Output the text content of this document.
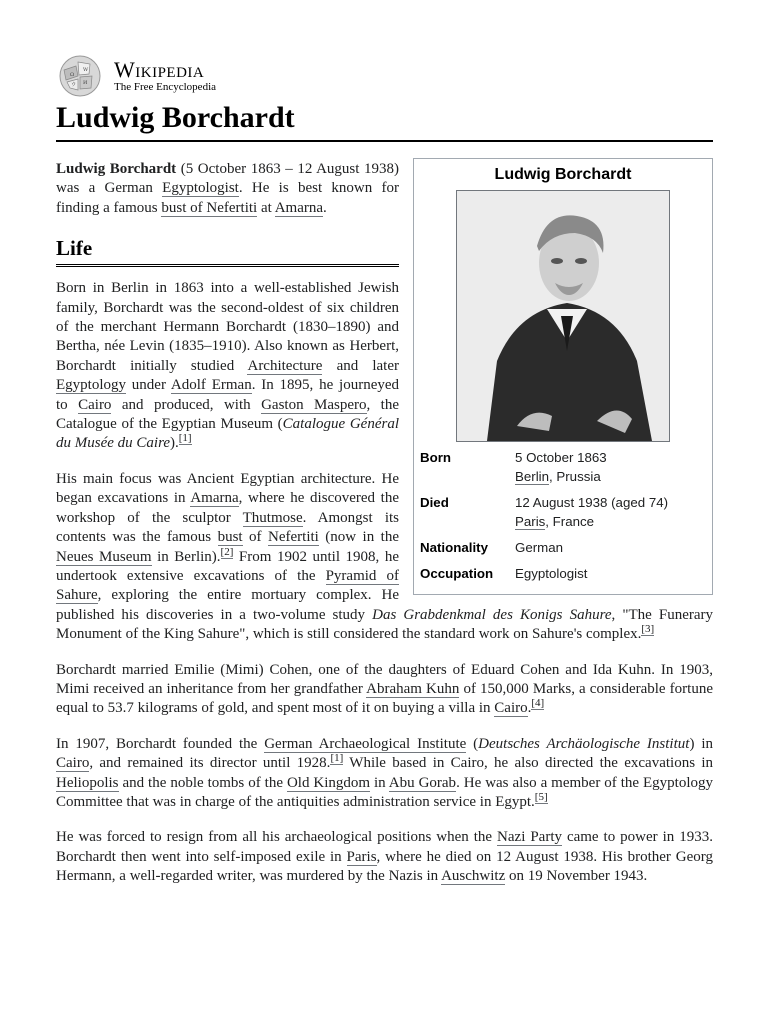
Ω
W
И
ウ
Wikipedia
The Free Encyclopedia
Ludwig Borchardt
Ludwig Borchardt
Born	5 October 1863
Berlin, Prussia
Died	12 August 1938 (aged 74)
Paris, France
Nationality	German
Occupation	Egyptologist

Ludwig Borchardt (5 October 1863 – 12 August 1938) was a German Egyptologist. He is best known for finding a famous bust of Nefertiti at Amarna.

Life

Born in Berlin in 1863 into a well-established Jewish family, Borchardt was the second-oldest of six children of the merchant Hermann Borchardt (1830–1890) and Bertha, née Levin (1835–1910). Also known as Herbert, Borchardt initially studied Architecture and later Egyptology under Adolf Erman. In 1895, he journeyed to Cairo and produced, with Gaston Maspero, the Catalogue of the Egyptian Museum (Catalogue Général du Musée du Caire).[1]

His main focus was Ancient Egyptian architecture. He began excavations in Amarna, where he discovered the workshop of the sculptor Thutmose. Amongst its contents was the famous bust of Nefertiti (now in the Neues Museum in Berlin).[2] From 1902 until 1908, he undertook extensive excavations of the Pyramid of Sahure, exploring the entire mortuary complex. He published his discoveries in a two-volume study Das Grabdenkmal des Konigs Sahure, "The Funerary Monument of the King Sahure", which is still considered the standard work on Sahure's complex.[3]

Borchardt married Emilie (Mimi) Cohen, one of the daughters of Eduard Cohen and Ida Kuhn. In 1903, Mimi received an inheritance from her grandfather Abraham Kuhn of 150,000 Marks, a considerable fortune equal to 53.7 kilograms of gold, and spent most of it on buying a villa in Cairo.[4]

In 1907, Borchardt founded the German Archaeological Institute (Deutsches Archäologische Institut) in Cairo, and remained its director until 1928.[1] While based in Cairo, he also directed the excavations in Heliopolis and the noble tombs of the Old Kingdom in Abu Gorab. He was also a member of the Egyptology Committee that was in charge of the antiquities administration service in Egypt.[5]

He was forced to resign from all his archaeological positions when the Nazi Party came to power in 1933. Borchardt then went into self-imposed exile in Paris, where he died on 12 August 1938. His brother Georg Hermann, a well-regarded writer, was murdered by the Nazis in Auschwitz on 19 November 1943.
